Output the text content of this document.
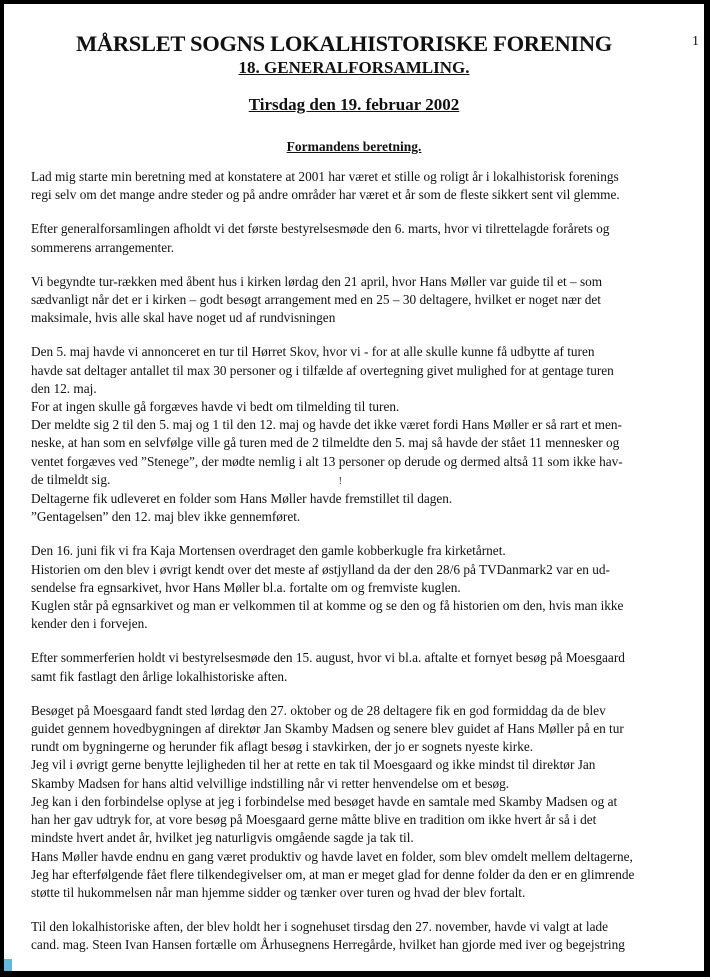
1
MÅRSLET SOGNS LOKALHISTORISKE FORENING
18. GENERALFORSAMLING.
Tirsdag den 19. februar 2002
Formandens beretning.
Lad mig starte min beretning med at konstatere at 2001 har været et stille og roligt år i lokalhistorisk forenings
regi selv om det mange andre steder og på andre områder har været et år som de fleste sikkert sent vil glemme.
Efter generalforsamlingen afholdt vi det første bestyrelsesmøde den 6. marts, hvor vi tilrettelagde forårets og
sommerens arrangementer.
Vi begyndte tur-rækken med åbent hus i kirken lørdag den 21 april, hvor Hans Møller var guide til et – som
sædvanligt når det er i kirken – godt besøgt arrangement med en 25 – 30 deltagere, hvilket er noget nær det
maksimale, hvis alle skal have noget ud af rundvisningen
Den 5. maj havde vi annonceret en tur til Hørret Skov, hvor vi - for at alle skulle kunne få udbytte af turen
havde sat deltager antallet til max 30 personer og i tilfælde af overtegning givet mulighed for at gentage turen
den 12. maj.
For at ingen skulle gå forgæves havde vi bedt om tilmelding til turen.
Der meldte sig 2 til den 5. maj og 1 til den 12. maj og havde det ikke været fordi Hans Møller er så rart et men-
neske, at han som en selvfølge ville gå turen med de 2 tilmeldte den 5. maj så havde der stået 11 mennesker og
ventet forgæves ved ”Stenege”, der mødte nemlig i alt 13 personer op derude og dermed altså 11 som ikke hav-
de tilmeldt sig.	!
Deltagerne fik udleveret en folder som Hans Møller havde fremstillet til dagen.
”Gentagelsen” den 12. maj blev ikke gennemføret.
Den 16. juni fik vi fra Kaja Mortensen overdraget den gamle kobberkugle fra kirketårnet.
Historien om den blev i øvrigt kendt over det meste af østjylland da der den 28/6 på TVDanmark2 var en ud-
sendelse fra egnsarkivet, hvor Hans Møller bl.a. fortalte om og fremviste kuglen.
Kuglen står på egnsarkivet og man er velkommen til at komme og se den og få historien om den, hvis man ikke
kender den i forvejen.
Efter sommerferien holdt vi bestyrelsesmøde den 15. august, hvor vi bl.a. aftalte et fornyet besøg på Moesgaard
samt fik fastlagt den årlige lokalhistoriske aften.
Besøget på Moesgaard fandt sted lørdag den 27. oktober og de 28 deltagere fik en god formiddag da de blev
guidet gennem hovedbygningen af direktør Jan Skamby Madsen og senere blev guidet af Hans Møller på en tur
rundt om bygningerne og herunder fik aflagt besøg i stavkirken, der jo er sognets nyeste kirke.
Jeg vil i øvrigt gerne benytte lejligheden til her at rette en tak til Moesgaard og ikke mindst til direktør Jan
Skamby Madsen for hans altid velvillige indstilling når vi retter henvendelse om et besøg.
Jeg kan i den forbindelse oplyse at jeg i forbindelse med besøget havde en samtale med Skamby Madsen og at
han her gav udtryk for, at vore besøg på Moesgaard gerne måtte blive en tradition om ikke hvert år så i det
mindste hvert andet år, hvilket jeg naturligvis omgående sagde ja tak til.
Hans Møller havde endnu en gang været produktiv og havde lavet en folder, som blev omdelt mellem deltagerne,
Jeg har efterfølgende fået flere tilkendegivelser om, at man er meget glad for denne folder da den er en glimrende
støtte til hukommelsen når man hjemme sidder og tænker over turen og hvad der blev fortalt.
Til den lokalhistoriske aften, der blev holdt her i sognehuset tirsdag den 27. november, havde vi valgt at lade
cand. mag. Steen Ivan Hansen fortælle om Århusegnens Herregårde, hvilket han gjorde med iver og begejstring
